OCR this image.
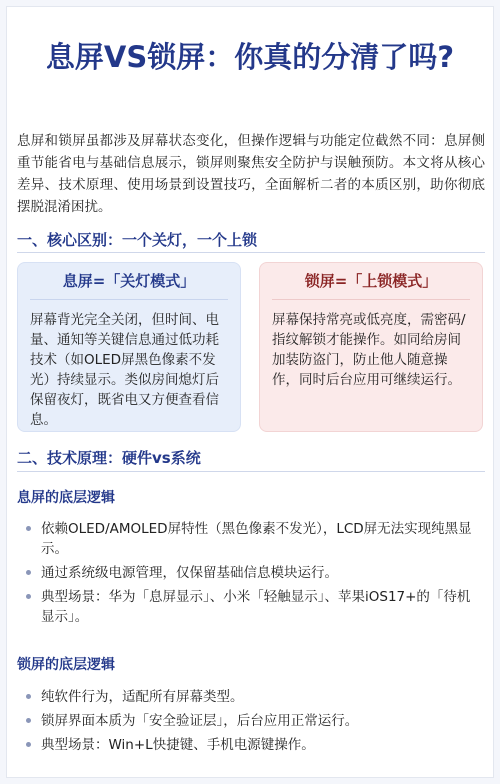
息屏VS锁屏：你真的分清了吗?
息屏和锁屏虽都涉及屏幕状态变化，但操作逻辑与功能定位截然不同：息屏侧重节能省电与基础信息展示，锁屏则聚焦安全防护与误触预防。本文将从核心差异、技术原理、使用场景到设置技巧，全面解析二者的本质区别，助你彻底摆脱混淆困扰。
一、核心区别：一个关灯，一个上锁
息屏=「关灯模式」
屏幕背光完全关闭，但时间、电量、通知等关键信息通过低功耗技术（如OLED屏黑色像素不发光）持续显示。类似房间熄灯后保留夜灯，既省电又方便查看信息。
锁屏=「上锁模式」
屏幕保持常亮或低亮度，需密码/指纹解锁才能操作。如同给房间加装防盗门，防止他人随意操作，同时后台应用可继续运行。
二、技术原理：硬件vs系统
息屏的底层逻辑
依赖OLED/AMOLED屏特性（黑色像素不发光），LCD屏无法实现纯黑显示。
通过系统级电源管理，仅保留基础信息模块运行。
典型场景：华为「息屏显示」、小米「轻触显示」、苹果iOS17+的「待机显示」。
锁屏的底层逻辑
纯软件行为，适配所有屏幕类型。
锁屏界面本质为「安全验证层」，后台应用正常运行。
典型场景：Win+L快捷键、手机电源键操作。
